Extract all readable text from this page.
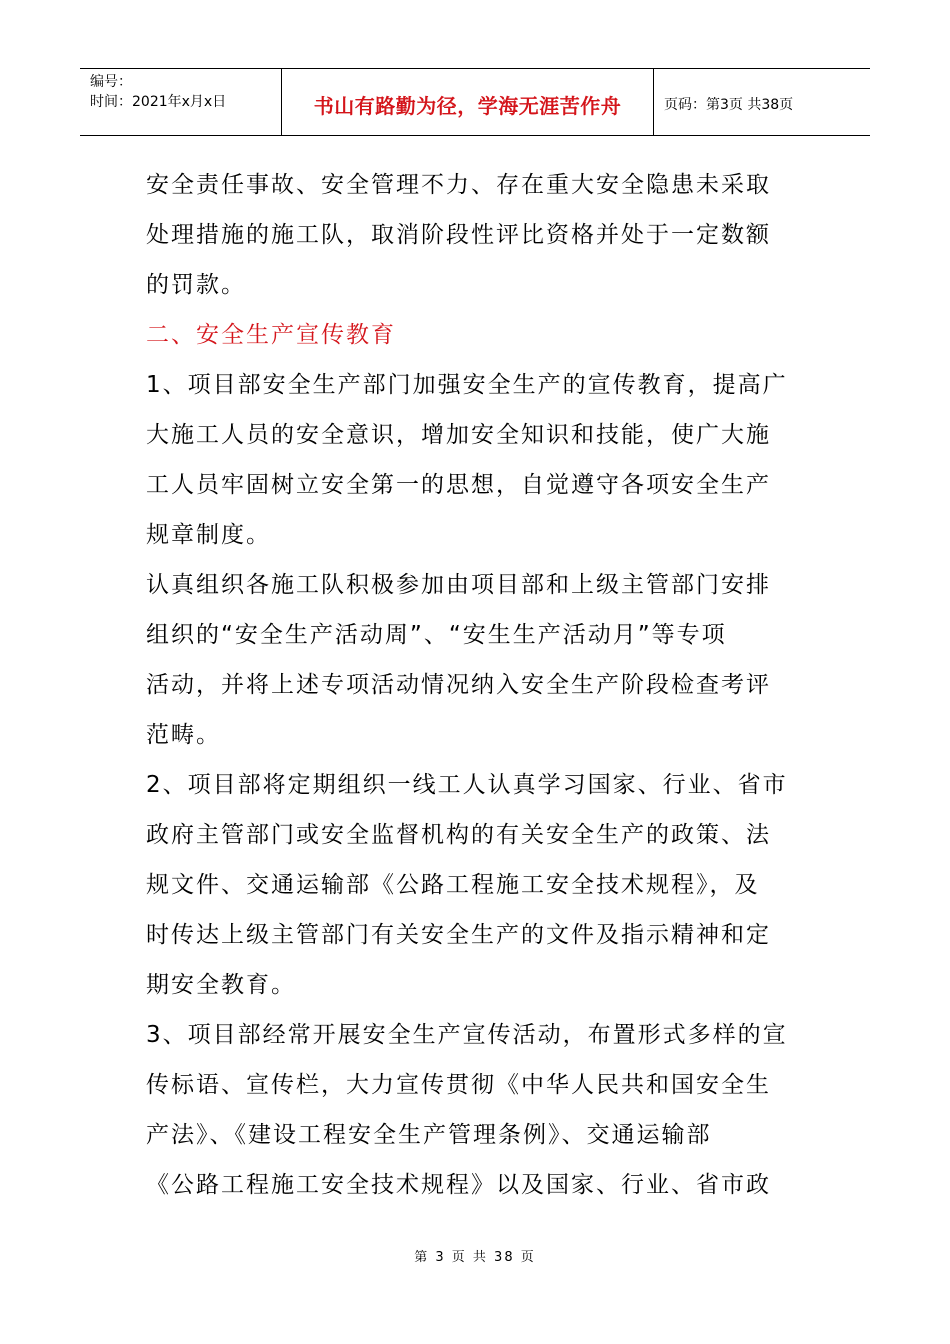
编号：
时间：2021年x月x日	书山有路勤为径，学海无涯苦作舟	页码：第3页 共38页

安全责任事故、安全管理不力、存在重大安全隐患未采取

处理措施的施工队，取消阶段性评比资格并处于一定数额

的罚款。

二、安全生产宣传教育

1、项目部安全生产部门加强安全生产的宣传教育，提高广

大施工人员的安全意识，增加安全知识和技能，使广大施

工人员牢固树立安全第一的思想，自觉遵守各项安全生产

规章制度。

认真组织各施工队积极参加由项目部和上级主管部门安排

组织的“安全生产活动周”、“安生生产活动月”等专项

活动，并将上述专项活动情况纳入安全生产阶段检查考评

范畴。

2、项目部将定期组织一线工人认真学习国家、行业、省市

政府主管部门或安全监督机构的有关安全生产的政策、法

规文件、交通运输部《公路工程施工安全技术规程》，及

时传达上级主管部门有关安全生产的文件及指示精神和定

期安全教育。

3、项目部经常开展安全生产宣传活动，布置形式多样的宣

传标语、宣传栏，大力宣传贯彻《中华人民共和国安全生

产法》、《建设工程安全生产管理条例》、交通运输部

《公路工程施工安全技术规程》以及国家、行业、省市政

第 3 页 共 38 页
